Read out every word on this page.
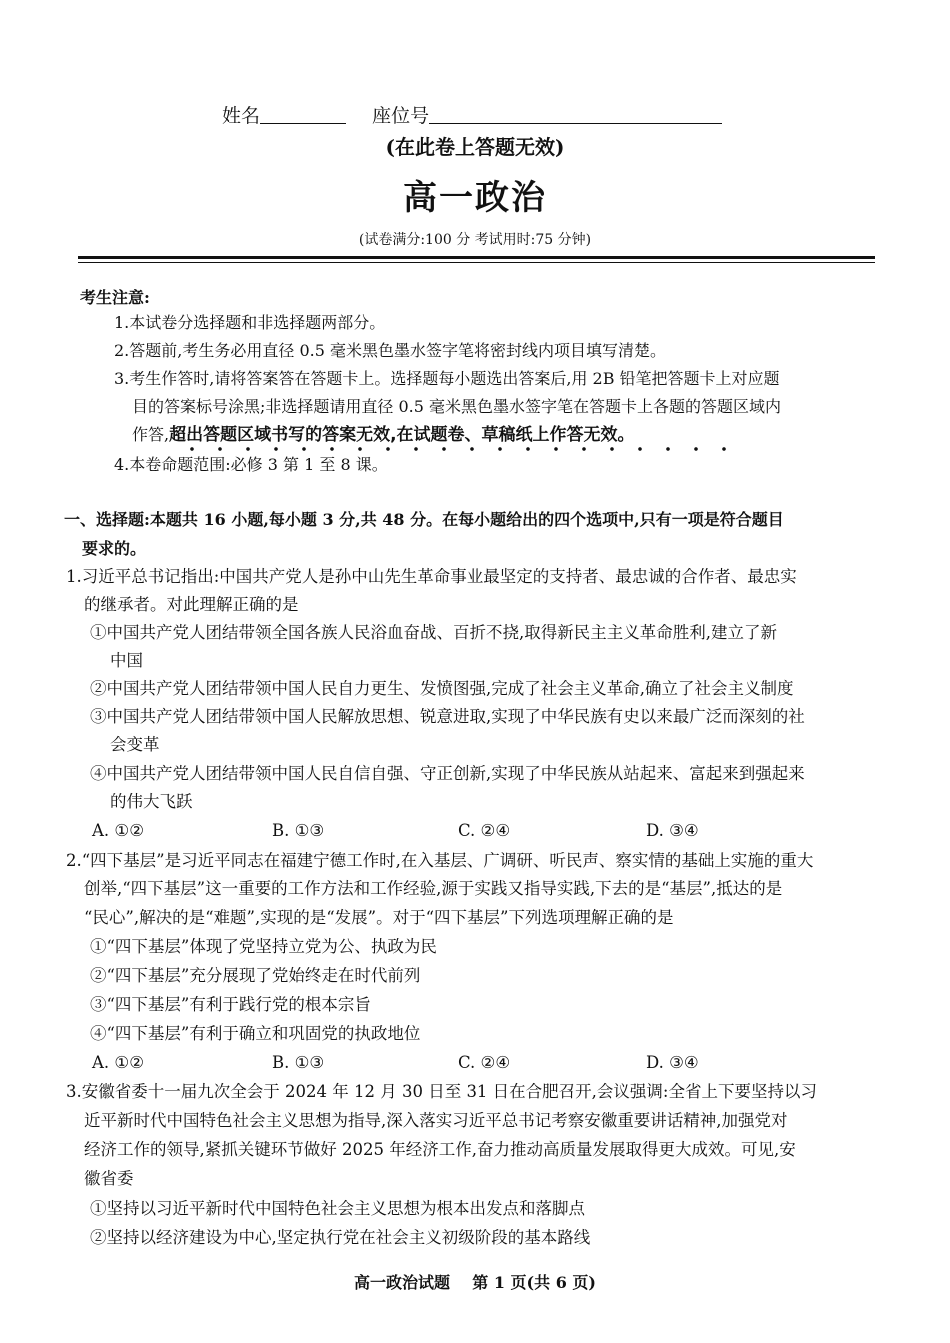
姓名	座位号
(在此卷上答题无效)
高一政治
(试卷满分:100 分 考试用时:75 分钟)
考生注意:
1.本试卷分选择题和非选择题两部分。
2.答题前,考生务必用直径 0.5 毫米黑色墨水签字笔将密封线内项目填写清楚。
3.考生作答时,请将答案答在答题卡上。选择题每小题选出答案后,用 2B 铅笔把答题卡上对应题
目的答案标号涂黑;非选择题请用直径 0.5 毫米黑色墨水签字笔在答题卡上各题的答题区域内
作答,超出答题区域书写的答案无效,在试题卷、草稿纸上作答无效。
4.本卷命题范围:必修 3 第 1 至 8 课。
一、选择题:本题共 16 小题,每小题 3 分,共 48 分。在每小题给出的四个选项中,只有一项是符合题目
要求的。
1.习近平总书记指出:中国共产党人是孙中山先生革命事业最坚定的支持者、最忠诚的合作者、最忠实
的继承者。对此理解正确的是
①中国共产党人团结带领全国各族人民浴血奋战、百折不挠,取得新民主主义革命胜利,建立了新
中国
②中国共产党人团结带领中国人民自力更生、发愤图强,完成了社会主义革命,确立了社会主义制度
③中国共产党人团结带领中国人民解放思想、锐意进取,实现了中华民族有史以来最广泛而深刻的社
会变革
④中国共产党人团结带领中国人民自信自强、守正创新,实现了中华民族从站起来、富起来到强起来
的伟大飞跃
A. ①②	B. ①③	C. ②④	D. ③④
2.“四下基层”是习近平同志在福建宁德工作时,在入基层、广调研、听民声、察实情的基础上实施的重大
创举,“四下基层”这一重要的工作方法和工作经验,源于实践又指导实践,下去的是“基层”,抵达的是
“民心”,解决的是“难题”,实现的是“发展”。对于“四下基层”下列选项理解正确的是
①“四下基层”体现了党坚持立党为公、执政为民
②“四下基层”充分展现了党始终走在时代前列
③“四下基层”有利于践行党的根本宗旨
④“四下基层”有利于确立和巩固党的执政地位
A. ①②	B. ①③	C. ②④	D. ③④
3.安徽省委十一届九次全会于 2024 年 12 月 30 日至 31 日在合肥召开,会议强调:全省上下要坚持以习
近平新时代中国特色社会主义思想为指导,深入落实习近平总书记考察安徽重要讲话精神,加强党对
经济工作的领导,紧抓关键环节做好 2025 年经济工作,奋力推动高质量发展取得更大成效。可见,安
徽省委
①坚持以习近平新时代中国特色社会主义思想为根本出发点和落脚点
②坚持以经济建设为中心,坚定执行党在社会主义初级阶段的基本路线
高一政治试题    第 1 页(共 6 页)
